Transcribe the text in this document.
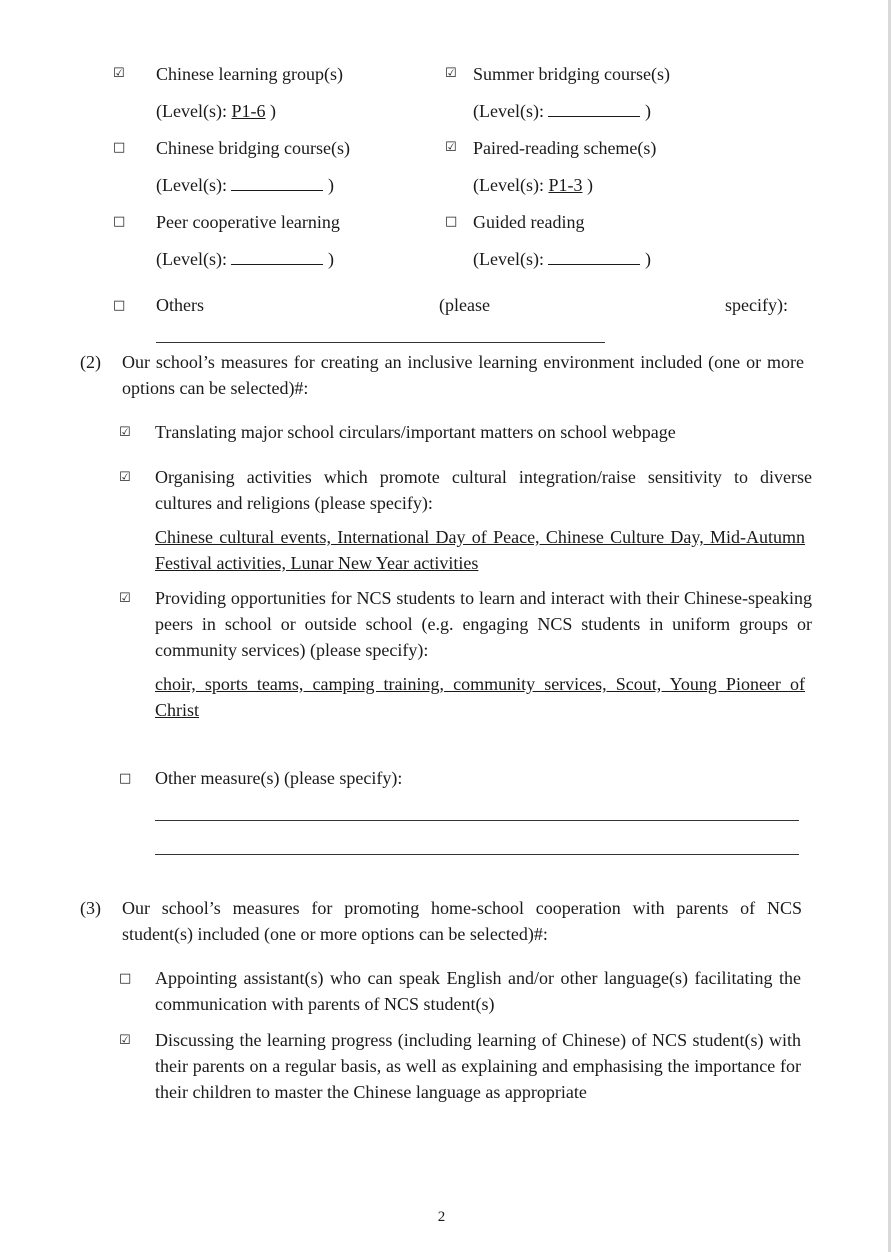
☑ Chinese learning group(s)
(Level(s): P1-6 )
□ Chinese bridging course(s)
(Level(s):	)
□ Peer cooperative learning
(Level(s):	)
☑ Summer bridging course(s)
(Level(s):	)
☑ Paired-reading scheme(s)
(Level(s): P1-3 )
□ Guided reading
(Level(s):	)
□ Others	(please	specify):
(2) Our school’s measures for creating an inclusive learning environment included (one or more options can be selected)#:
☑ Translating major school circulars/important matters on school webpage
☑ Organising activities which promote cultural integration/raise sensitivity to diverse cultures and religions (please specify):
Chinese cultural events, International Day of Peace, Chinese Culture Day, Mid-Autumn Festival activities, Lunar New Year activities
☑ Providing opportunities for NCS students to learn and interact with their Chinese-speaking peers in school or outside school (e.g. engaging NCS students in uniform groups or community services) (please specify):
choir, sports teams, camping training, community services, Scout, Young Pioneer of Christ
□ Other measure(s) (please specify):
(3) Our school’s measures for promoting home-school cooperation with parents of NCS student(s) included (one or more options can be selected)#:
□ Appointing assistant(s) who can speak English and/or other language(s) facilitating the communication with parents of NCS student(s)
☑ Discussing the learning progress (including learning of Chinese) of NCS student(s) with their parents on a regular basis, as well as explaining and emphasising the importance for their children to master the Chinese language as appropriate
2
